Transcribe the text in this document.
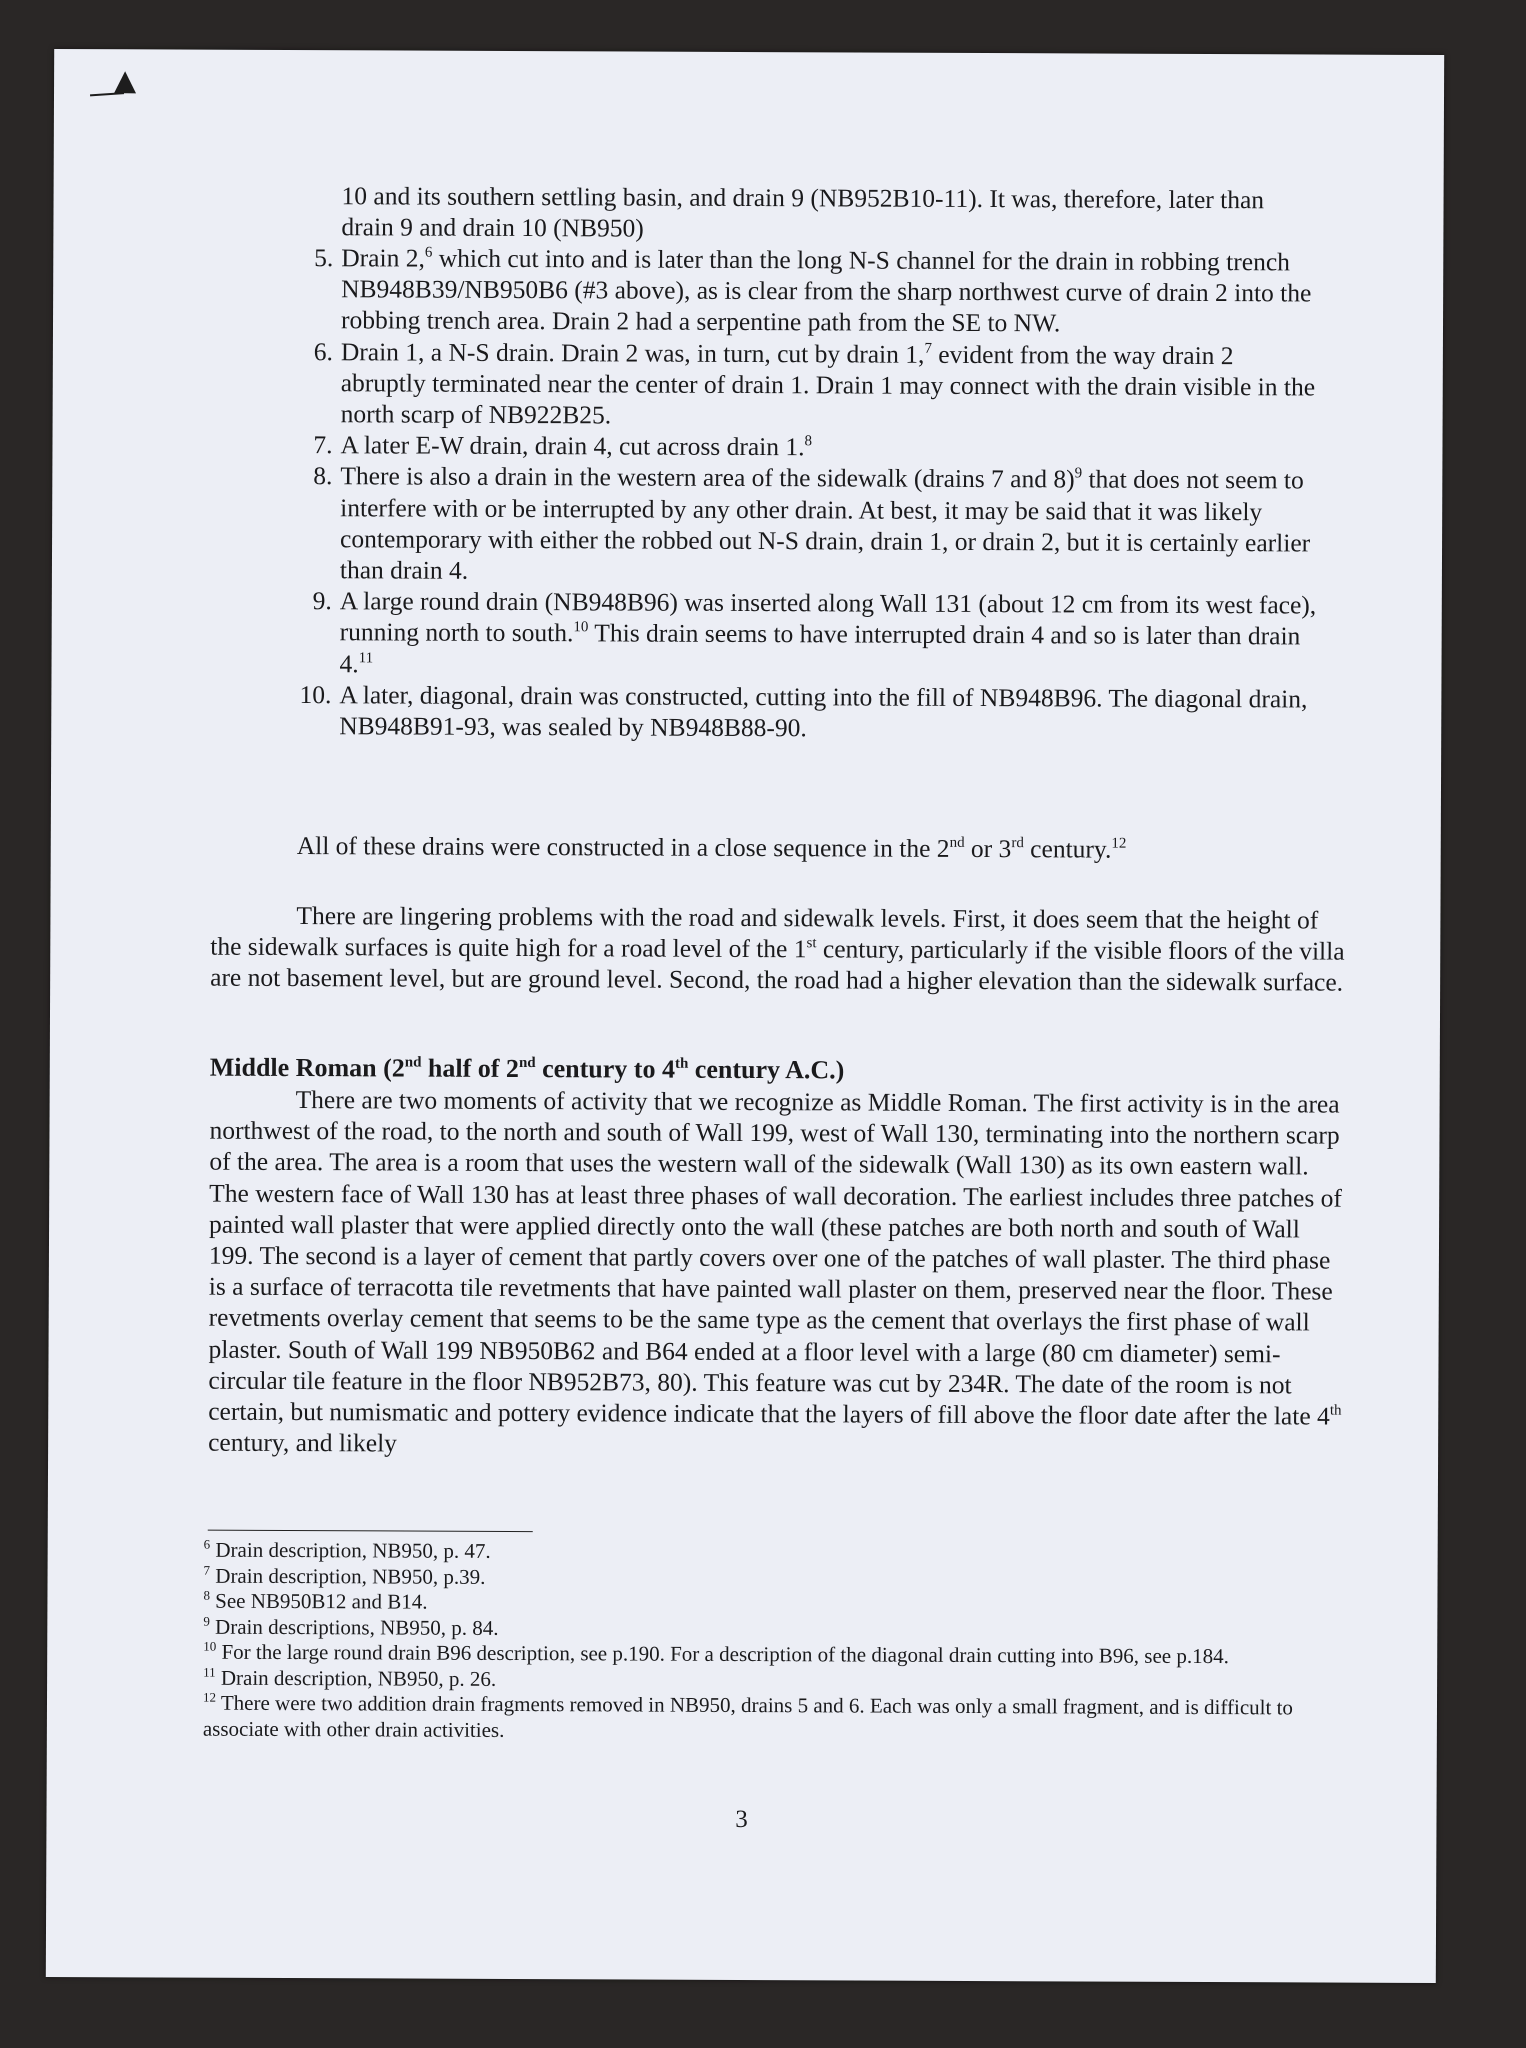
10 and its southern settling basin, and drain 9 (NB952B10-11). It was, therefore, later than drain 9 and drain 10 (NB950)

5. Drain 2,$^6$ which cut into and is later than the long N-S channel for the drain in robbing trench NB948B39/NB950B6 (#3 above), as is clear from the sharp northwest curve of drain 2 into the robbing trench area. Drain 2 had a serpentine path from the SE to NW.
6. Drain 1, a N-S drain. Drain 2 was, in turn, cut by drain 1,$^7$ evident from the way drain 2 abruptly terminated near the center of drain 1. Drain 1 may connect with the drain visible in the north scarp of NB922B25.
7. A later E-W drain, drain 4, cut across drain 1.$^8$
8. There is also a drain in the western area of the sidewalk (drains 7 and 8)$^9$ that does not seem to interfere with or be interrupted by any other drain. At best, it may be said that it was likely contemporary with either the robbed out N-S drain, drain 1, or drain 2, but it is certainly earlier than drain 4.
9. A large round drain (NB948B96) was inserted along Wall 131 (about 12 cm from its west face), running north to south.$^{10}$ This drain seems to have interrupted drain 4 and so is later than drain 4.11
10. A later, diagonal, drain was constructed, cutting into the fill of NB948B96. The diagonal drain, NB948B91-93, was sealed by NB948B88-90.

All of these drains were constructed in a close sequence in the 2nd or 3rd century.$^{12}$

There are lingering problems with the road and sidewalk levels. First, it does seem that the height of the sidewalk surfaces is quite high for a road level of the 1st century, particularly if the visible floors of the villa are not basement level, but are ground level. Second, the road had a higher elevation than the sidewalk surface.

Middle Roman (2nd half of 2nd century to 4th century A.C.)

There are two moments of activity that we recognize as Middle Roman. The first activity is in the area northwest of the road, to the north and south of Wall 199, west of Wall 130, terminating into the northern scarp of the area. The area is a room that uses the western wall of the sidewalk (Wall 130) as its own eastern wall. The western face of Wall 130 has at least three phases of wall decoration. The earliest includes three patches of painted wall plaster that were applied directly onto the wall (these patches are both north and south of Wall 199. The second is a layer of cement that partly covers over one of the patches of wall plaster. The third phase is a surface of terracotta tile revetments that have painted wall plaster on them, preserved near the floor. These revetments overlay cement that seems to be the same type as the cement that overlays the first phase of wall plaster. South of Wall 199 NB950B62 and B64 ended at a floor level with a large (80 cm diameter) semi-circular tile feature in the floor NB952B73, 80). This feature was cut by 234R. The date of the room is not certain, but numismatic and pottery evidence indicate that the layers of fill above the floor date after the late 4th century, and likely

$^6$ Drain description, NB950, p. 47.

$^7$ Drain description, NB950, p.39.

$^8$ See NB950B12 and B14.

$^9$ Drain descriptions, NB950, p. 84.

$^{10}$ For the large round drain B96 description, see p.190. For a description of the diagonal drain cutting into B96, see p.184.

$^{11}$ Drain description, NB950, p. 26.

$^{12}$ There were two addition drain fragments removed in NB950, drains 5 and 6. Each was only a small fragment, and is difficult to associate with other drain activities.

3
